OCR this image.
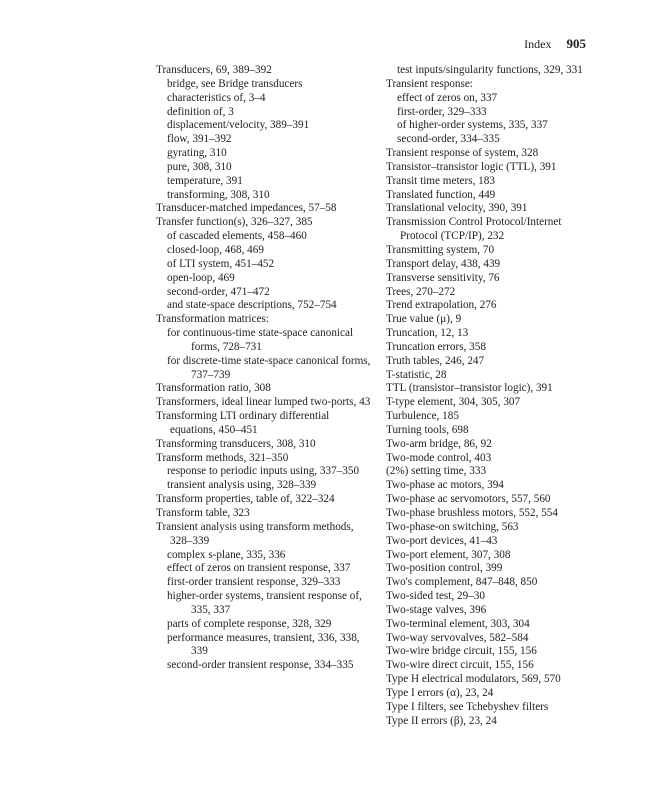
Index 905
Transducers, 69, 389–392
bridge, see Bridge transducers
characteristics of, 3–4
definition of, 3
displacement/velocity, 389–391
flow, 391–392
gyrating, 310
pure, 308, 310
temperature, 391
transforming, 308, 310
Transducer-matched impedances, 57–58
Transfer function(s), 326–327, 385
of cascaded elements, 458–460
closed-loop, 468, 469
of LTI system, 451–452
open-loop, 469
second-order, 471–472
and state-space descriptions, 752–754
Transformation matrices:
for continuous-time state-space canonical forms, 728–731
for discrete-time state-space canonical forms, 737–739
Transformation ratio, 308
Transformers, ideal linear lumped two-ports, 43
Transforming LTI ordinary differential equations, 450–451
Transforming transducers, 308, 310
Transform methods, 321–350
response to periodic inputs using, 337–350
transient analysis using, 328–339
Transform properties, table of, 322–324
Transform table, 323
Transient analysis using transform methods, 328–339
complex s-plane, 335, 336
effect of zeros on transient response, 337
first-order transient response, 329–333
higher-order systems, transient response of, 335, 337
parts of complete response, 328, 329
performance measures, transient, 336, 338, 339
second-order transient response, 334–335
test inputs/singularity functions, 329, 331
Transient response:
effect of zeros on, 337
first-order, 329–333
of higher-order systems, 335, 337
second-order, 334–335
Transient response of system, 328
Transistor–transistor logic (TTL), 391
Transit time meters, 183
Translated function, 449
Translational velocity, 390, 391
Transmission Control Protocol/Internet Protocol (TCP/IP), 232
Transmitting system, 70
Transport delay, 438, 439
Transverse sensitivity, 76
Trees, 270–272
Trend extrapolation, 276
True value (μ), 9
Truncation, 12, 13
Truncation errors, 358
Truth tables, 246, 247
T-statistic, 28
TTL (transistor–transistor logic), 391
T-type element, 304, 305, 307
Turbulence, 185
Turning tools, 698
Two-arm bridge, 86, 92
Two-mode control, 403
(2%) setting time, 333
Two-phase ac motors, 394
Two-phase ac servomotors, 557, 560
Two-phase brushless motors, 552, 554
Two-phase-on switching, 563
Two-port devices, 41–43
Two-port element, 307, 308
Two-position control, 399
Two's complement, 847–848, 850
Two-sided test, 29–30
Two-stage valves, 396
Two-terminal element, 303, 304
Two-way servovalves, 582–584
Two-wire bridge circuit, 155, 156
Two-wire direct circuit, 155, 156
Type H electrical modulators, 569, 570
Type I errors (α), 23, 24
Type I filters, see Tchebyshev filters
Type II errors (β), 23, 24
